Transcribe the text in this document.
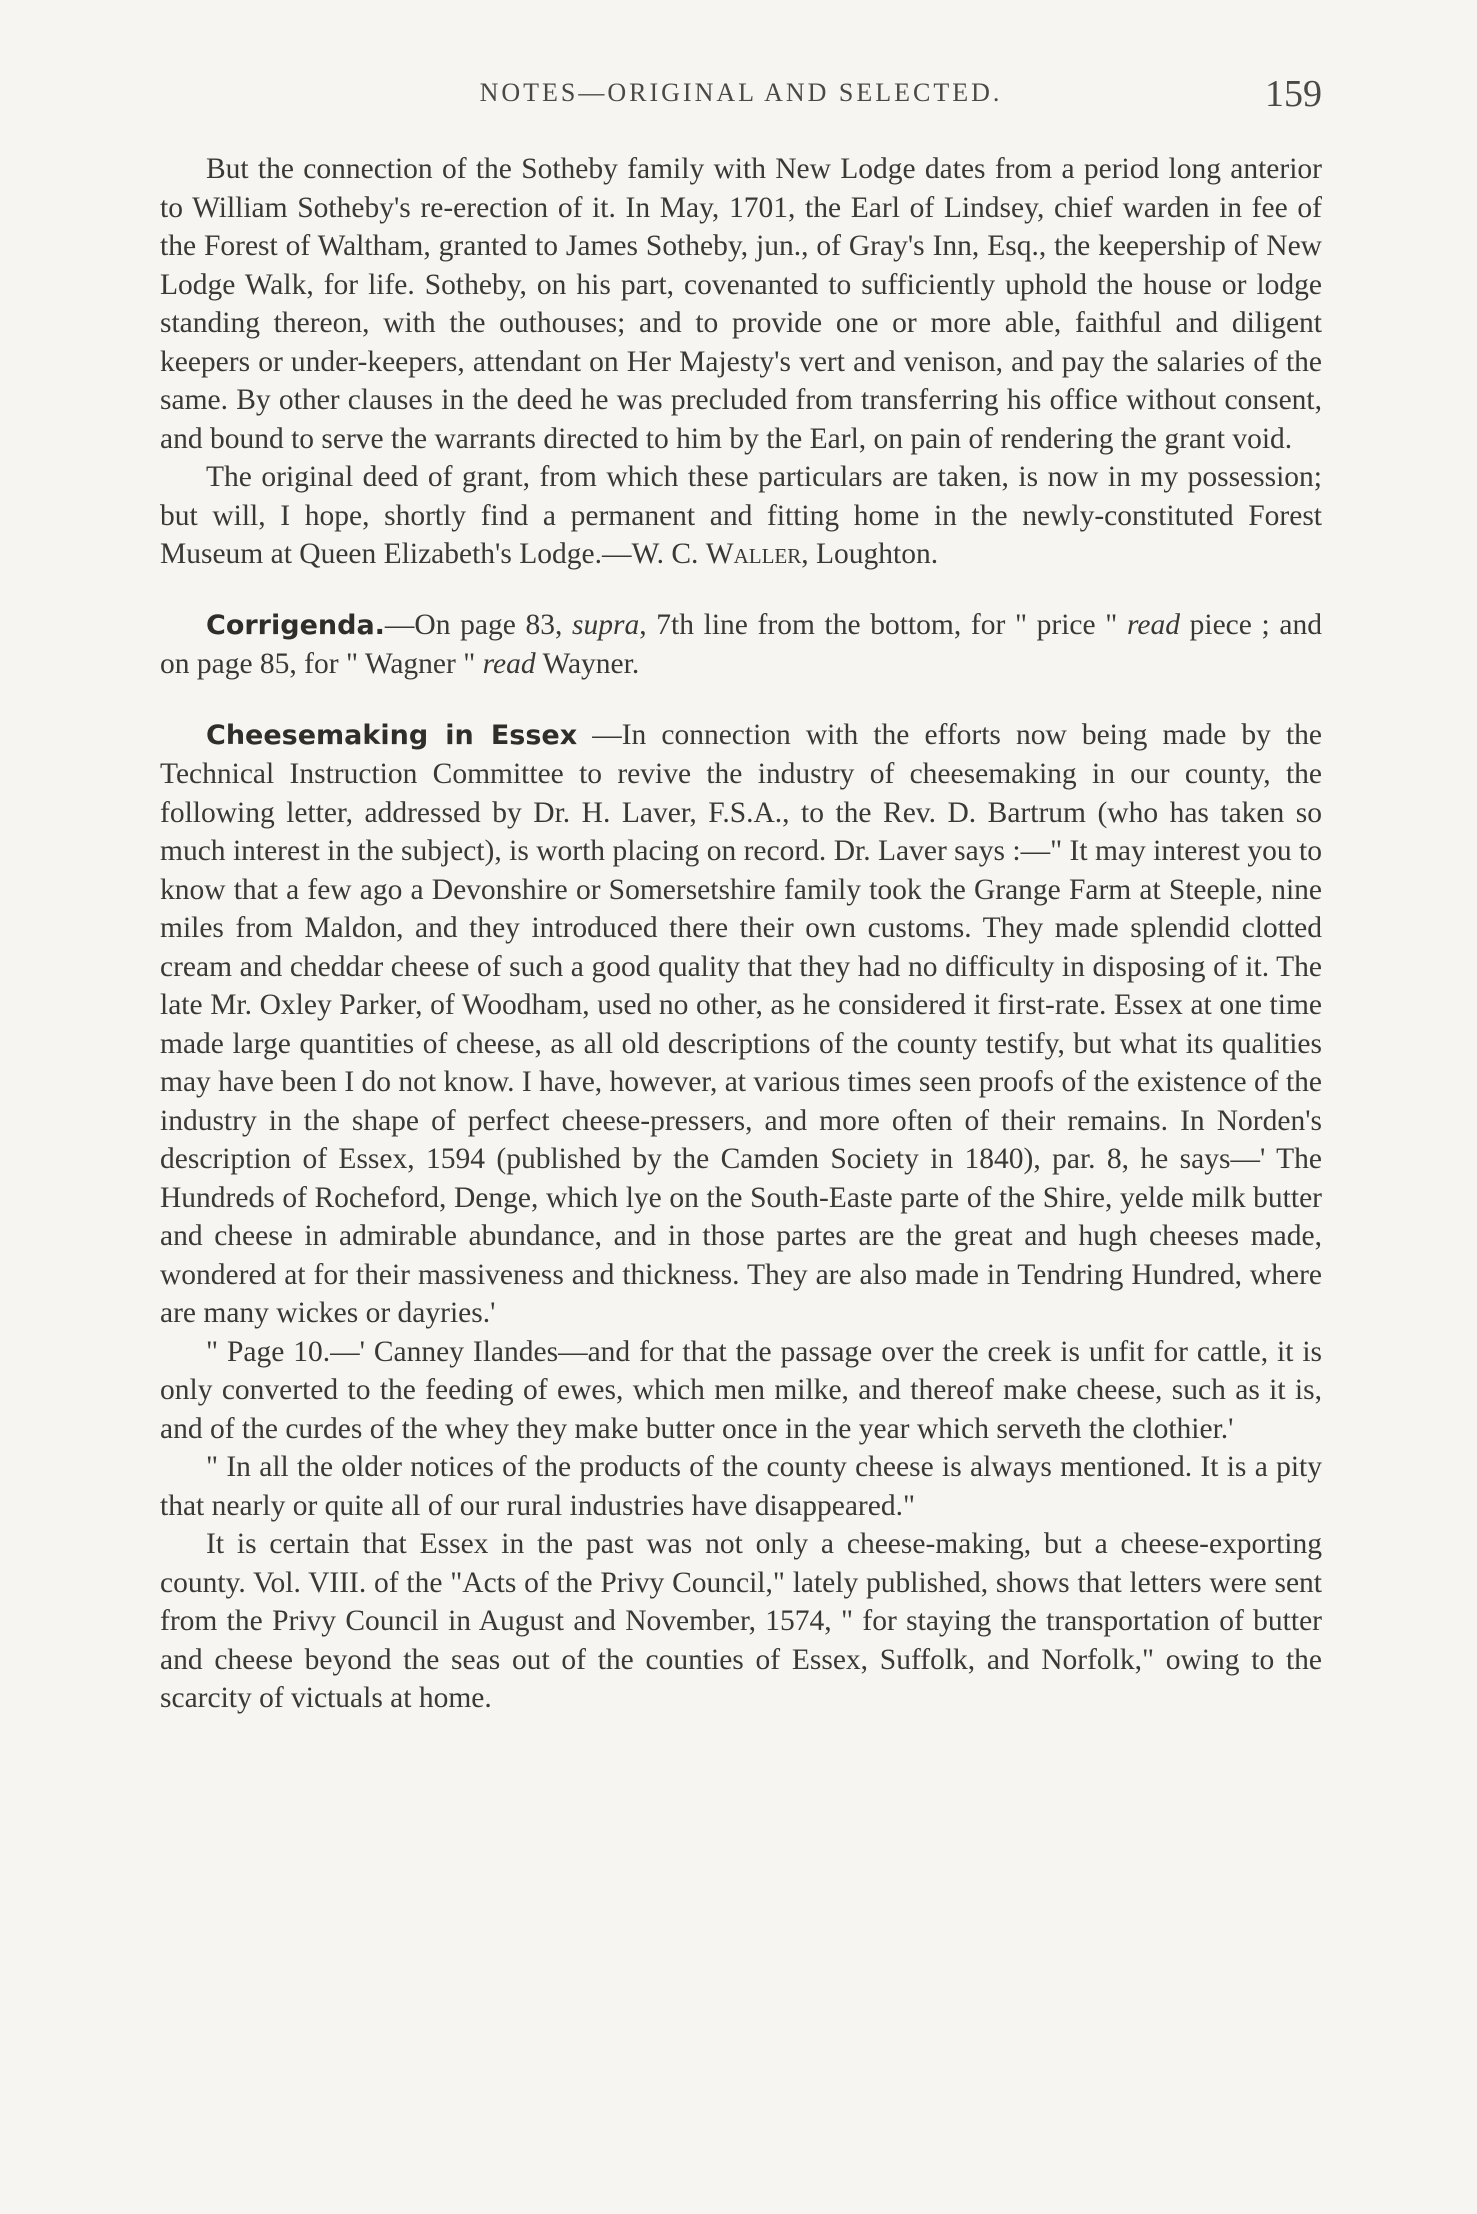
NOTES—ORIGINAL AND SELECTED.	159

But the connection of the Sotheby family with New Lodge dates from a period long anterior to William Sotheby's re-erection of it. In May, 1701, the Earl of Lindsey, chief warden in fee of the Forest of Waltham, granted to James Sotheby, jun., of Gray's Inn, Esq., the keepership of New Lodge Walk, for life. Sotheby, on his part, covenanted to sufficiently uphold the house or lodge standing thereon, with the outhouses; and to provide one or more able, faithful and diligent keepers or under-keepers, attendant on Her Majesty's vert and venison, and pay the salaries of the same. By other clauses in the deed he was precluded from transferring his office without consent, and bound to serve the warrants directed to him by the Earl, on pain of rendering the grant void.

The original deed of grant, from which these particulars are taken, is now in my possession; but will, I hope, shortly find a permanent and fitting home in the newly-constituted Forest Museum at Queen Elizabeth's Lodge.—W. C. Waller, Loughton.

Corrigenda.—On page 83, supra, 7th line from the bottom, for " price " read piece ; and on page 85, for " Wagner " read Wayner.

Cheesemaking in Essex —In connection with the efforts now being made by the Technical Instruction Committee to revive the industry of cheesemaking in our county, the following letter, addressed by Dr. H. Laver, F.S.A., to the Rev. D. Bartrum (who has taken so much interest in the subject), is worth placing on record. Dr. Laver says :—" It may interest you to know that a few ago a Devonshire or Somersetshire family took the Grange Farm at Steeple, nine miles from Maldon, and they introduced there their own customs. They made splendid clotted cream and cheddar cheese of such a good quality that they had no difficulty in disposing of it. The late Mr. Oxley Parker, of Woodham, used no other, as he considered it first-rate. Essex at one time made large quantities of cheese, as all old descriptions of the county testify, but what its qualities may have been I do not know. I have, however, at various times seen proofs of the existence of the industry in the shape of perfect cheese-pressers, and more often of their remains. In Norden's description of Essex, 1594 (published by the Camden Society in 1840), par. 8, he says—' The Hundreds of Rocheford, Denge, which lye on the South-Easte parte of the Shire, yelde milk butter and cheese in admirable abundance, and in those partes are the great and hugh cheeses made, wondered at for their massiveness and thickness. They are also made in Tendring Hundred, where are many wickes or dayries.'

" Page 10.—' Canney Ilandes—and for that the passage over the creek is unfit for cattle, it is only converted to the feeding of ewes, which men milke, and thereof make cheese, such as it is, and of the curdes of the whey they make butter once in the year which serveth the clothier.'

" In all the older notices of the products of the county cheese is always mentioned. It is a pity that nearly or quite all of our rural industries have disappeared."

It is certain that Essex in the past was not only a cheese-making, but a cheese-exporting county. Vol. VIII. of the "Acts of the Privy Council," lately published, shows that letters were sent from the Privy Council in August and November, 1574, " for staying the transportation of butter and cheese beyond the seas out of the counties of Essex, Suffolk, and Norfolk," owing to the scarcity of victuals at home.
